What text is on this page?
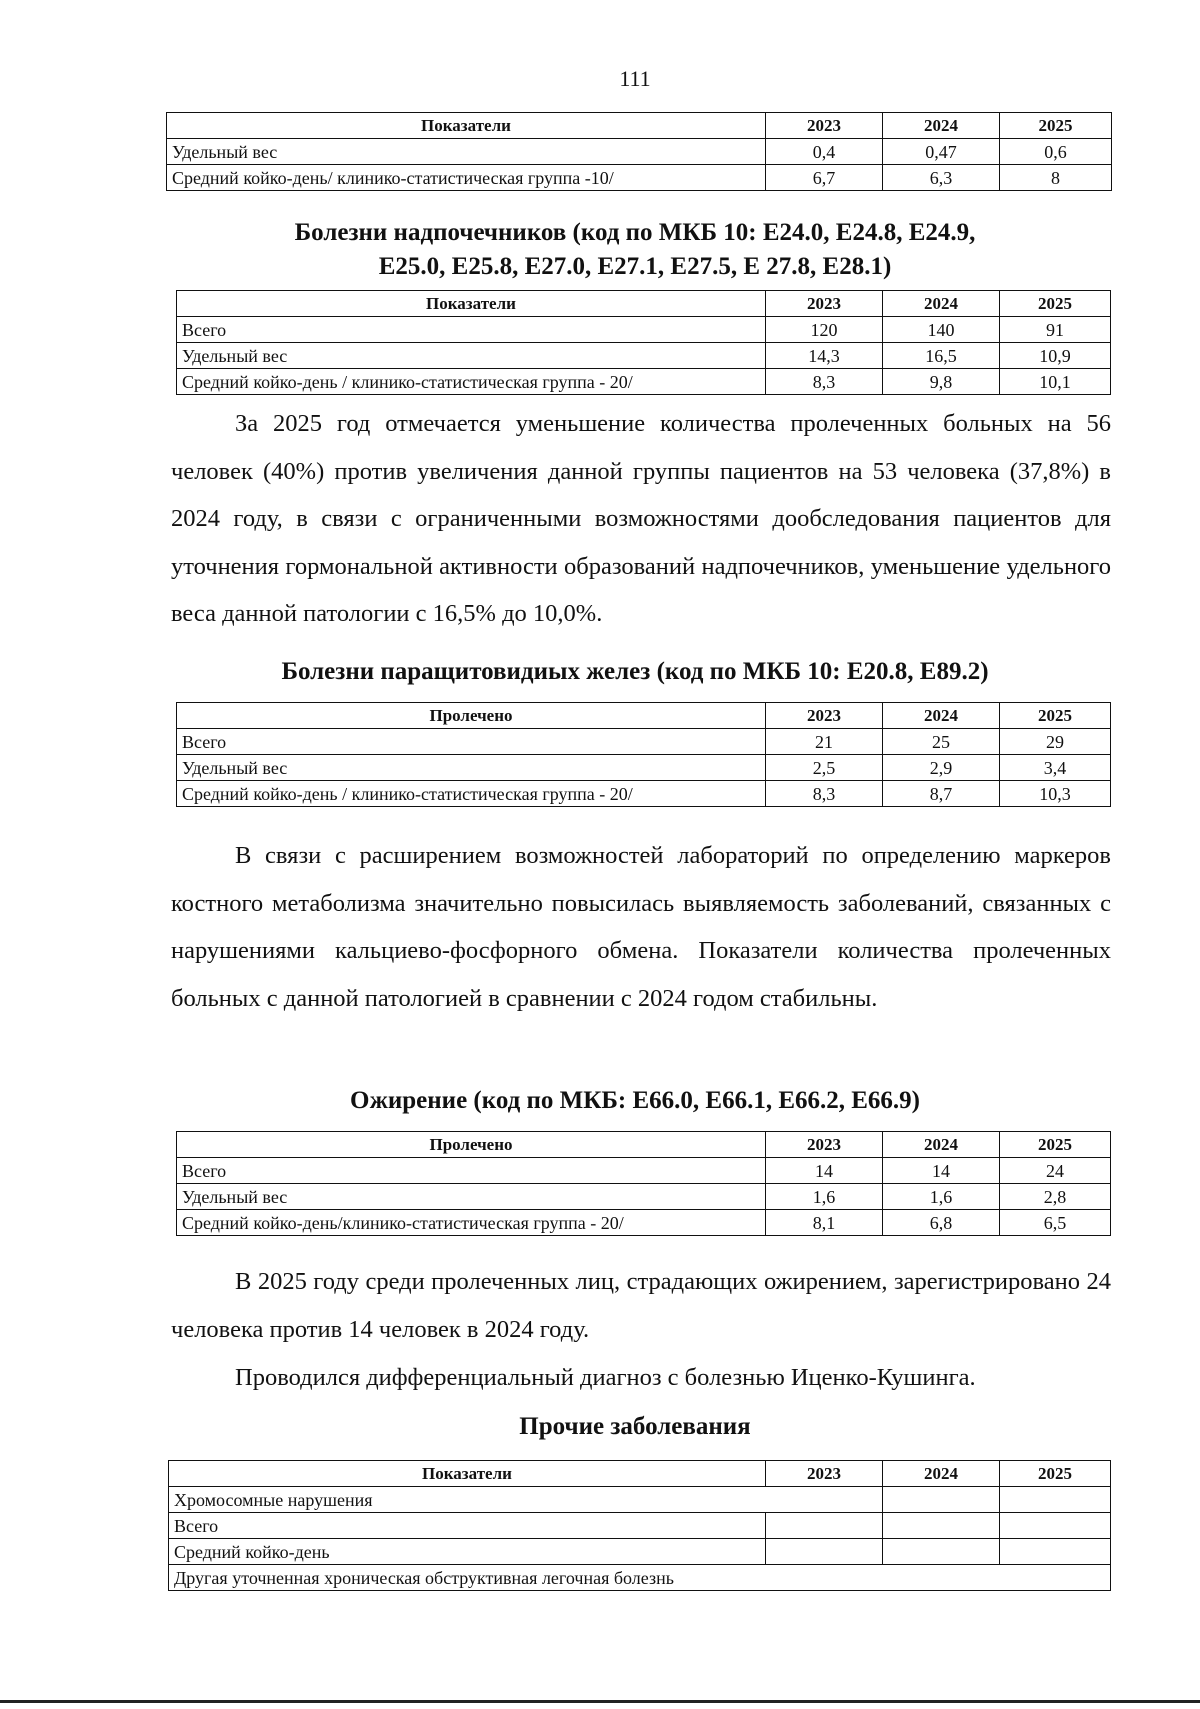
111
Показатели	2023	2024	2025
Удельный вес	0,4	0,47	0,6
Средний койко-день/ клинико-статистическая группа -10/	6,7	6,3	8
Болезни надпочечников (код по МКБ 10: Е24.0, Е24.8, Е24.9,
Е25.0, Е25.8, Е27.0, Е27.1, Е27.5, Е 27.8, Е28.1)
Показатели	2023	2024	2025
Всего	120	140	91
Удельный вес	14,3	16,5	10,9
Средний койко-день / клинико-статистическая группа - 20/	8,3	9,8	10,1

За 2025 год отмечается уменьшение количества пролеченных больных на 56 человек (40%) против увеличения данной группы пациентов на 53 человека (37,8%) в 2024 году, в связи с ограниченными возможностями дообследования пациентов для уточнения гормональной активности образований надпочечников, уменьшение удельного веса данной патологии с 16,5% до 10,0%.

Болезни паращитовидиых желез (код по МКБ 10: Е20.8, Е89.2)
Пролечено	2023	2024	2025
Всего	21	25	29
Удельный вес	2,5	2,9	3,4
Средний койко-день / клинико-статистическая группа - 20/	8,3	8,7	10,3

В связи с расширением возможностей лабораторий по определению маркеров костного метаболизма значительно повысилась выявляемость заболеваний, связанных с нарушениями кальциево-фосфорного обмена. Показатели количества пролеченных больных с данной патологией в сравнении с 2024 годом стабильны.

Ожирение (код по МКБ: Е66.0, Е66.1, Е66.2, Е66.9)
Пролечено	2023	2024	2025
Всего	14	14	24
Удельный вес	1,6	1,6	2,8
Средний койко-день/клинико-статистическая группа - 20/	8,1	6,8	6,5

В 2025 году среди пролеченных лиц, страдающих ожирением, зарегистрировано 24 человека против 14 человек в 2024 году.

Проводился дифференциальный диагноз с болезнью Иценко-Кушинга.

Прочие заболевания
Показатели	2023	2024	2025
Хромосомные нарушения			
Всего			
Средний койко-день			
Другая уточненная хроническая обструктивная легочная болезнь			
